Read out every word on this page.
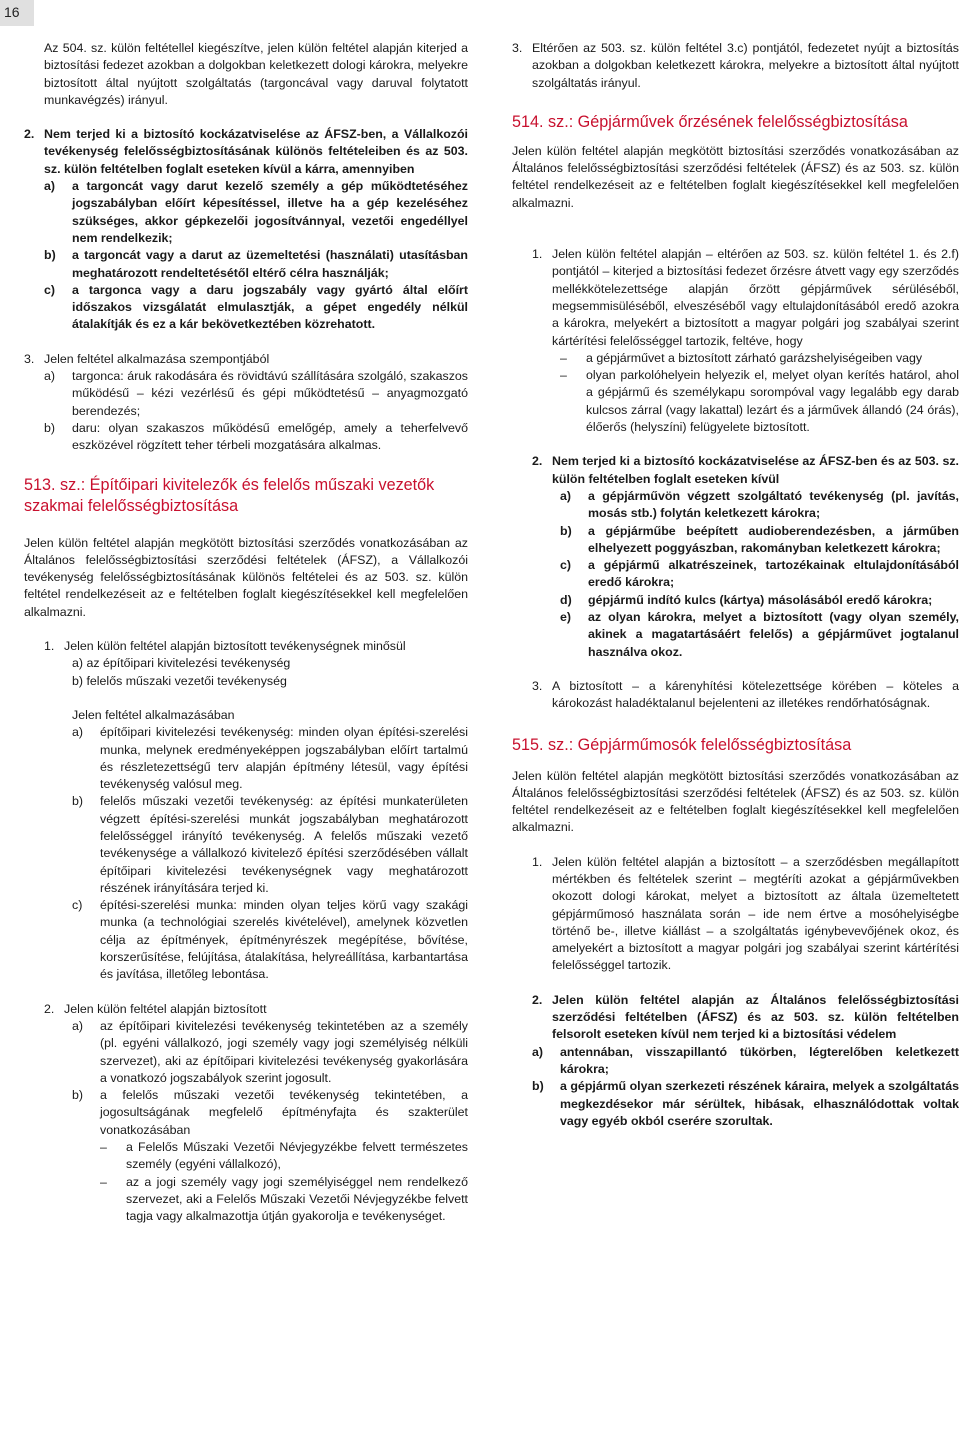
16

Az 504. sz. külön feltétellel kiegészítve, jelen külön feltétel alapján kiterjed a biztosítási fedezet azokban a dolgokban keletkezett dologi károkra, melyekre biztosított által nyújtott szolgáltatás (targoncával vagy daruval folytatott munkavégzés) irányul.

2. Nem terjed ki a biztosító kockázatviselése az ÁFSZ-ben, a Vállalkozói tevékenység felelősségbiztosításának különös feltételeiben és az 503. sz. külön feltételben foglalt eseteken kívül a kárra, amennyiben
a) a targoncát vagy darut kezelő személy a gép működtetéséhez jogszabályban előírt képesítéssel, illetve ha a gép kezeléséhez szükséges, akkor gépkezelői jogosítvánnyal, vezetői engedéllyel nem rendelkezik;
b) a targoncát vagy a darut az üzemeltetési (használati) utasításban meghatározott rendeltetésétől eltérő célra használják;
c) a targonca vagy a daru jogszabály vagy gyártó által előírt időszakos vizsgálatát elmulasztják, a gépet engedély nélkül átalakítják és ez a kár bekövetkeztében közrehatott.
3. Jelen feltétel alkalmazása szempontjából
a) targonca: áruk rakodására és rövidtávú szállítására szolgáló, szakaszos működésű – kézi vezérlésű és gépi működtetésű – anyagmozgató berendezés;
b) daru: olyan szakaszos működésű emelőgép, amely a teherfelvevő eszközével rögzített teher térbeli mozgatására alkalmas.
513. sz.: Építőipari kivitelezők és felelős műszaki vezetők szakmai felelősségbiztosítása

Jelen külön feltétel alapján megkötött biztosítási szerződés vonatkozásában az Általános felelősségbiztosítási szerződési feltételek (ÁFSZ), a Vállalkozói tevékenység felelősségbiztosításának különös feltételei és az 503. sz. külön feltétel rendelkezéseit az e feltételben foglalt kiegészítésekkel kell megfelelően alkalmazni.

1. Jelen külön feltétel alapján biztosított tevékenységnek minősül

a) az építőipari kivitelezési tevékenység

b) felelős műszaki vezetői tevékenység

Jelen feltétel alkalmazásában

a) építőipari kivitelezési tevékenység: minden olyan építési-szerelési munka, melynek eredményeképpen jogszabályban előírt tartalmú és részletezettségű terv alapján építmény létesül, vagy építési tevékenység valósul meg.
b) felelős műszaki vezetői tevékenység: az építési munkaterületen végzett építési-szerelési munkát jogszabályban meghatározott felelősséggel irányító tevékenység. A felelős műszaki vezető tevékenysége a vállalkozó kivitelező építési szerződésében vállalt építőipari kivitelezési tevékenységnek vagy meghatározott részének irányítására terjed ki.
c) építési-szerelési munka: minden olyan teljes körű vagy szakági munka (a technológiai szerelés kivételével), amelynek közvetlen célja az építmények, építményrészek megépítése, bővítése, korszerűsítése, felújítása, átalakítása, helyreállítása, karbantartása és javítása, illetőleg lebontása.
2. Jelen külön feltétel alapján biztosított
a) az építőipari kivitelezési tevékenység tekintetében az a személy (pl. egyéni vállalkozó, jogi személy vagy jogi személyiség nélküli szervezet), aki az építőipari kivitelezési tevékenység gyakorlására a vonatkozó jogszabályok szerint jogosult.
b) a felelős műszaki vezetői tevékenység tekintetében, a jogosultságának megfelelő építményfajta és szakterület vonatkozásában
– a Felelős Műszaki Vezetői Névjegyzékbe felvett természetes személy (egyéni vállalkozó),
– az a jogi személy vagy jogi személyiséggel nem rendelkező szervezet, aki a Felelős Műszaki Vezetői Névjegyzékbe felvett tagja vagy alkalmazottja útján gyakorolja e tevékenységet.
3. Eltérően az 503. sz. külön feltétel 3.c) pontjától, fedezetet nyújt a biztosítás azokban a dolgokban keletkezett károkra, melyekre a biztosított által nyújtott szolgáltatás irányul.
514. sz.: Gépjárművek őrzésének felelősségbiztosítása

Jelen külön feltétel alapján megkötött biztosítási szerződés vonatkozásában az Általános felelősségbiztosítási szerződési feltételek (ÁFSZ) és az 503. sz. külön feltétel rendelkezéseit az e feltételben foglalt kiegészítésekkel kell megfelelően alkalmazni.

1. Jelen külön feltétel alapján – eltérően az 503. sz. külön feltétel 1. és 2.f) pontjától – kiterjed a biztosítási fedezet őrzésre átvett vagy egy szerződés mellékkötelezettsége alapján őrzött gépjárművek sérüléséből, megsemmisüléséből, elveszéséből vagy eltulajdonításából eredő azokra a károkra, melyekért a biztosított a magyar polgári jog szabályai szerint kártérítési felelősséggel tartozik, feltéve, hogy
– a gépjárművet a biztosított zárható garázshelyiségeiben vagy
– olyan parkolóhelyein helyezik el, melyet olyan kerítés határol, ahol a gépjármű és személykapu sorompóval vagy legalább egy darab kulcsos zárral (vagy lakattal) lezárt és a járművek állandó (24 órás), élőerős (helyszíni) felügyelete biztosított.
2. Nem terjed ki a biztosító kockázatviselése az ÁFSZ-ben és az 503. sz. külön feltételben foglalt eseteken kívül
a) a gépjárművön végzett szolgáltató tevékenység (pl. javítás, mosás stb.) folytán keletkezett károkra;
b) a gépjárműbe beépített audioberendezésben, a járműben elhelyezett poggyászban, rakományban keletkezett károkra;
c) a gépjármű alkatrészeinek, tartozékainak eltulajdonításából eredő károkra;
d) gépjármű indító kulcs (kártya) másolásából eredő károkra;
e) az olyan károkra, melyet a biztosított (vagy olyan személy, akinek a magatartásáért felelős) a gépjárművet jogtalanul használva okoz.
3. A biztosított – a kárenyhítési kötelezettsége körében – köteles a károkozást haladéktalanul bejelenteni az illetékes rendőrhatóságnak.
515. sz.: Gépjárműmosók felelősségbiztosítása

Jelen külön feltétel alapján megkötött biztosítási szerződés vonatkozásában az Általános felelősségbiztosítási szerződési feltételek (ÁFSZ) és az 503. sz. külön feltétel rendelkezéseit az e feltételben foglalt kiegészítésekkel kell megfelelően alkalmazni.

1. Jelen külön feltétel alapján a biztosított – a szerződésben megállapított mértékben és feltételek szerint – megtéríti azokat a gépjárművekben okozott dologi károkat, melyet a biztosított az általa üzemeltetett gépjárműmosó használata során – ide nem értve a mosóhelyiségbe történő be-, illetve kiállást – a szolgáltatás igénybevevőjének okoz, és amelyekért a biztosított a magyar polgári jog szabályai szerint kártérítési felelősséggel tartozik.
2. Jelen külön feltétel alapján az Általános felelősségbiztosítási szerződési feltételben (ÁFSZ) és az 503. sz. külön feltételben felsorolt eseteken kívül nem terjed ki a biztosítási védelem
a) antennában, visszapillantó tükörben, légterelőben keletkezett károkra;
b) a gépjármű olyan szerkezeti részének káraira, melyek a szolgáltatás megkezdésekor már sérültek, hibásak, elhasználódottak voltak vagy egyéb okból cserére szorultak.
